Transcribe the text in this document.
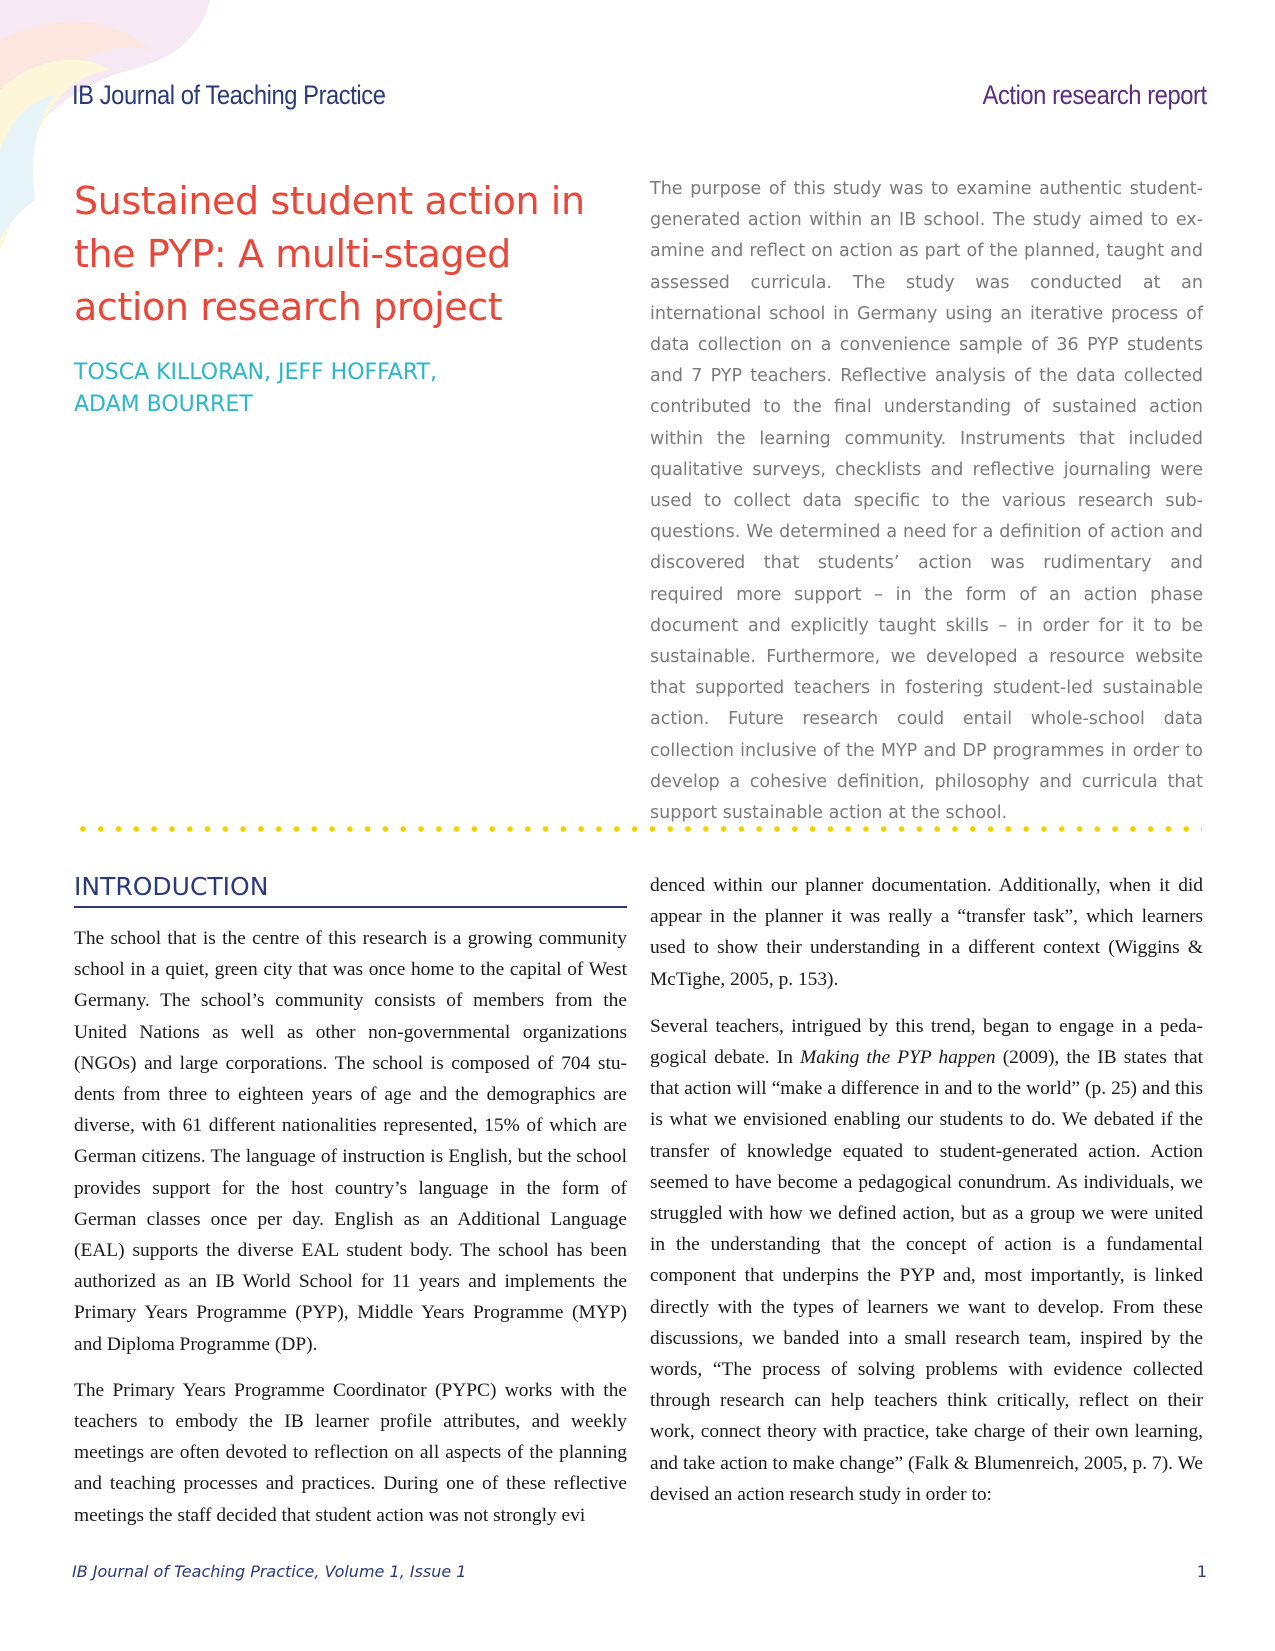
IB Journal of Teaching Practice	Action research report
Sustained student action in the PYP: A multi-staged action research project
TOSCA KILLORAN, JEFF HOFFART,
ADAM BOURRET

The purpose of this study was to examine authentic student-generated action within an IB school. The study aimed to examine and reflect on action as part of the planned, taught and assessed curricula. The study was conducted at an international school in Germany using an iterative process of data collection on a convenience sample of 36 PYP students and 7 PYP teachers. Reflective analysis of the data collected contributed to the final understanding of sustained action within the learning community. Instruments that included qualitative surveys, checklists and reflective journaling were used to collect data specific to the various research sub-questions. We determined a need for a definition of action and discovered that students’ action was rudimentary and required more support – in the form of an action phase document and explicitly taught skills – in order for it to be sustainable. Furthermore, we developed a resource website that supported teachers in fostering student-led sustainable action. Future research could entail whole-school data collection inclusive of the MYP and DP programmes in order to develop a cohesive definition, philosophy and curricula that support sustainable action at the school.

INTRODUCTION

The school that is the centre of this research is a growing community school in a quiet, green city that was once home to the capital of West Germany. The school’s community consists of members from the United Nations as well as other non-governmental organizations (NGOs) and large corporations. The school is composed of 704 students from three to eighteen years of age and the demographics are diverse, with 61 different nationalities represented, 15% of which are German citizens. The language of instruction is English, but the school provides support for the host country’s language in the form of German classes once per day. English as an Additional Language (EAL) supports the diverse EAL student body. The school has been authorized as an IB World School for 11 years and implements the Primary Years Programme (PYP), Middle Years Programme (MYP) and Diploma Programme (DP).

The Primary Years Programme Coordinator (PYPC) works with the teachers to embody the IB learner profile attributes, and weekly meetings are often devoted to reflection on all aspects of the planning and teaching processes and practices. During one of these reflective meetings the staff decided that student action was not strongly evi

denced within our planner documentation. Additionally, when it did appear in the planner it was really a “transfer task”, which learners used to show their understanding in a different context (Wiggins & McTighe, 2005, p. 153).

Several teachers, intrigued by this trend, began to engage in a pedagogical debate. In Making the PYP happen (2009), the IB states that that action will “make a difference in and to the world” (p. 25) and this is what we envisioned enabling our students to do. We debated if the transfer of knowledge equated to student-generated action. Action seemed to have become a pedagogical conundrum. As individuals, we struggled with how we defined action, but as a group we were united in the understanding that the concept of action is a fundamental component that underpins the PYP and, most importantly, is linked directly with the types of learners we want to develop. From these discussions, we banded into a small research team, inspired by the words, “The process of solving problems with evidence collected through research can help teachers think critically, reflect on their work, connect theory with practice, take charge of their own learning, and take action to make change” (Falk & Blumenreich, 2005, p. 7). We devised an action research study in order to:

IB Journal of Teaching Practice, Volume 1, Issue 1	1
